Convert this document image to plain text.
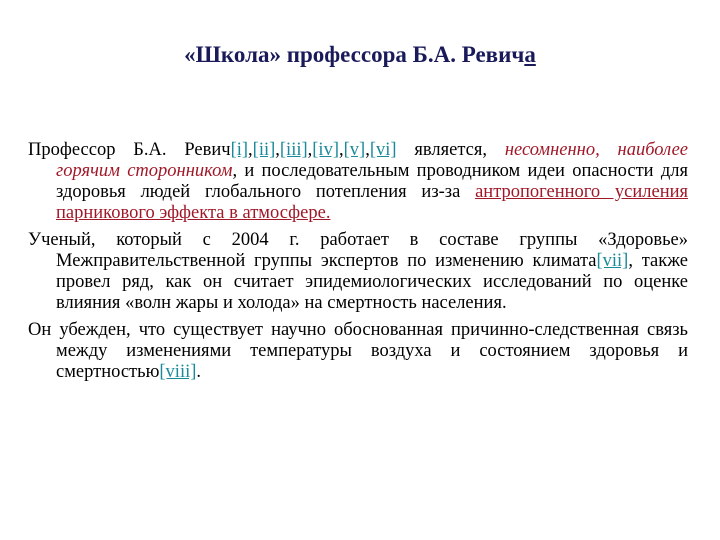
«Школа» профессора Б.А. Ревича

Профессор Б.А. Ревич[i],[ii],[iii],[iv],[v],[vi] является, несомненно, наиболее горячим сторонником, и последовательным проводником идеи опасности для здоровья людей глобального потепления из-за антропогенного усиления парникового эффекта в атмосфере.

Ученый, который с 2004 г. работает в составе группы «Здоровье» Межправительственной группы экспертов по изменению климата[vii], также провел ряд, как он считает эпидемиологических исследований по оценке влияния «волн жары и холода» на смертность населения.

Он убежден, что существует научно обоснованная причинно-следственная связь между изменениями температуры воздуха и состоянием здоровья и смертностью[viii].
